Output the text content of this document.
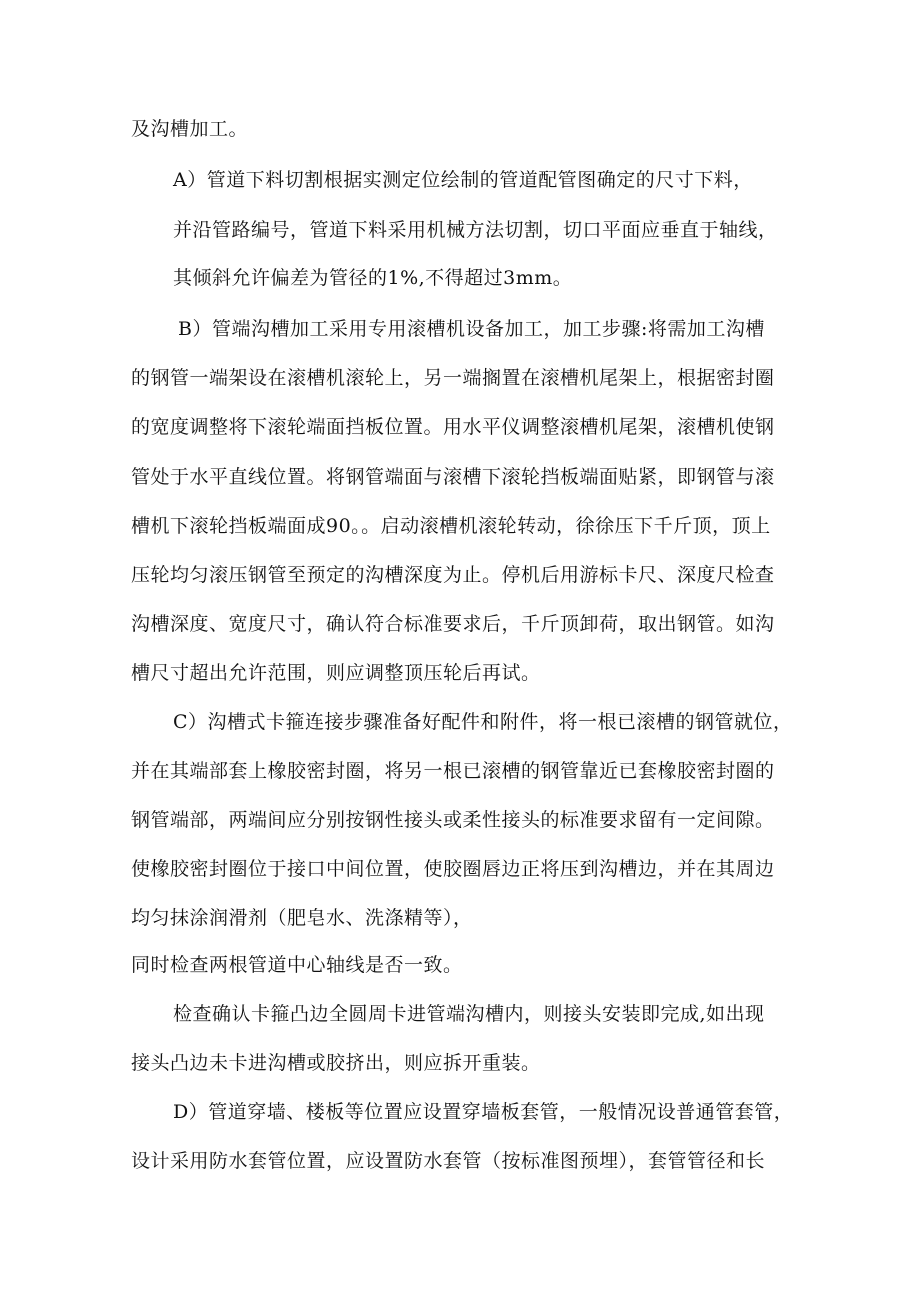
及沟槽加工。
A）管道下料切割根据实测定位绘制的管道配管图确定的尺寸下料，
并沿管路编号，管道下料采用机械方法切割，切口平面应垂直于轴线，
其倾斜允许偏差为管径的1%,不得超过3mm。
B）管端沟槽加工采用专用滚槽机设备加工，加工步骤:将需加工沟槽
的钢管一端架设在滚槽机滚轮上，另一端搁置在滚槽机尾架上，根据密封圈
的宽度调整将下滚轮端面挡板位置。用水平仪调整滚槽机尾架，滚槽机使钢
管处于水平直线位置。将钢管端面与滚槽下滚轮挡板端面贴紧，即钢管与滚
槽机下滚轮挡板端面成90。。启动滚槽机滚轮转动，徐徐压下千斤顶，顶上
压轮均匀滚压钢管至预定的沟槽深度为止。停机后用游标卡尺、深度尺检查
沟槽深度、宽度尺寸，确认符合标准要求后，千斤顶卸荷，取出钢管。如沟
槽尺寸超出允许范围，则应调整顶压轮后再试。
C）沟槽式卡箍连接步骤准备好配件和附件，将一根已滚槽的钢管就位，
并在其端部套上橡胶密封圈，将另一根已滚槽的钢管靠近已套橡胶密封圈的
钢管端部，两端间应分别按钢性接头或柔性接头的标准要求留有一定间隙。
使橡胶密封圈位于接口中间位置，使胶圈唇边正将压到沟槽边，并在其周边
均匀抹涂润滑剂（肥皂水、洗涤精等），
同时检查两根管道中心轴线是否一致。
检查确认卡箍凸边全圆周卡进管端沟槽内，则接头安装即完成,如出现
接头凸边未卡进沟槽或胶挤出，则应拆开重装。
D）管道穿墙、楼板等位置应设置穿墙板套管，一般情况设普通管套管，
设计采用防水套管位置，应设置防水套管（按标准图预埋），套管管径和长
